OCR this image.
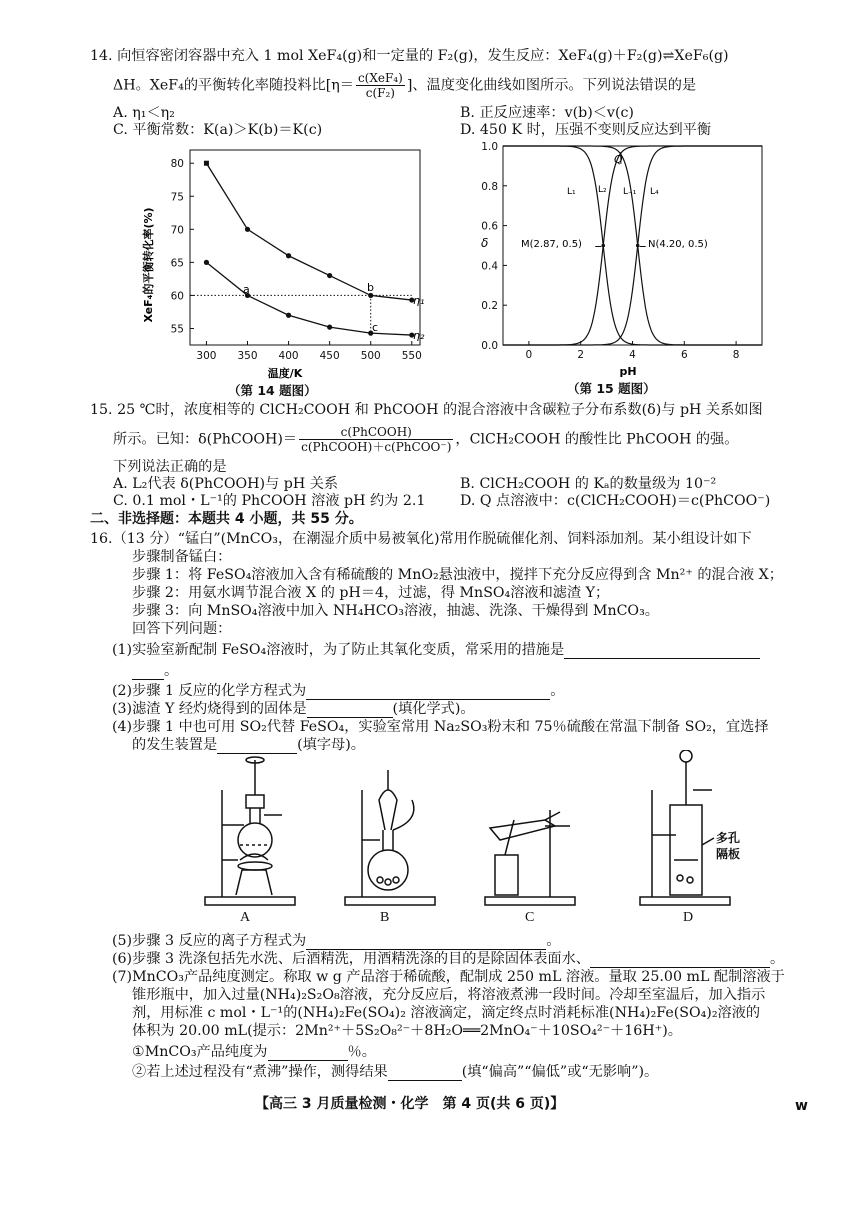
14. 向恒容密闭容器中充入 1 mol XeF₄(g)和一定量的 F₂(g)，发生反应：XeF₄(g)＋F₂(g)⇌XeF₆(g)
ΔH。XeF₄的平衡转化率随投料比[$\eta= \frac{\text{c(XeF₄)}}{\text{c(F₂)}}$ ]、温度变化曲线如图所示。下列说法错误的是
A. η₁＜η₂	B. 正反应速率：v(b)＜v(c)
C. 平衡常数：K(a)＞K(b)＝K(c)	D. 450 K 时，压强不变则反应达到平衡
300 350 400 450 500 550
55
60
65
70
75
80
温度/K
XeF₄的平衡转化率(%)	a	b
c
η₁
η₂
（第 14 题图）
0	2	4	6	8
0.0
0.2
0.4
0.6
0.8
1.0
pH
δ
Q
M(2.87, 0.5)	N(4.20, 0.5)
L₁ L₂ L₋₁ L₄
（第 15 题图）
15. 25 ℃时，浓度相等的 ClCH₂COOH 和 PhCOOH 的混合溶液中含碳粒子分布系数(δ)与 pH 关系如图
所示。已知：δ(PhCOOH)＝ $\frac{\text{c(PhCOOH)}}{\text{c(PhCOOH)＋c(PhCOO⁻)}}$ ，ClCH₂COOH 的酸性比 PhCOOH 的强。
下列说法正确的是
A. L₂代表 δ(PhCOOH)与 pH 关系	B. ClCH₂COOH 的 Kₐ的数量级为 10⁻²
C. 0.1 mol・L⁻¹的 PhCOOH 溶液 pH 约为 2.1 D. Q 点溶液中：c(ClCH₂COOH)＝c(PhCOO⁻)
二、非选择题：本题共 4 小题，共 55 分。
16.（13 分）“锰白”(MnCO₃，在潮湿介质中易被氧化)常用作脱硫催化剂、饲料添加剂。某小组设计如下
步骤制备锰白：
步骤 1：将 FeSO₄溶液加入含有稀硫酸的 MnO₂悬浊液中，搅拌下充分反应得到含 Mn²⁺ 的混合液 X；
步骤 2：用氨水调节混合液 X 的 pH＝4，过滤，得 MnSO₄溶液和滤渣 Y；
步骤 3：向 MnSO₄溶液中加入 NH₄HCO₃溶液，抽滤、洗涤、干燥得到 MnCO₃。
回答下列问题：
(1)实验室新配制 FeSO₄溶液时，为了防止其氧化变质，常采用的措施是
。
(2)步骤 1 反应的化学方程式为	。
(3)滤渣 Y 经灼烧得到的固体是	(填化学式)。
(4)步骤 1 中也可用 SO₂代替 FeSO₄，实验室常用 Na₂SO₃粉末和 75％硫酸在常温下制备 SO₂，宜选择
的发生装置是	(填字母)。
A	B	C	D
多孔
隔板
(5)步骤 3 反应的离子方程式为	。
(6)步骤 3 洗涤包括先水洗、后酒精洗，用酒精洗涤的目的是除固体表面水、	。
(7)MnCO₃产品纯度测定。称取 w g 产品溶于稀硫酸，配制成 250 mL 溶液。量取 25.00 mL 配制溶液于
锥形瓶中，加入过量(NH₄)₂S₂O₈溶液，充分反应后，将溶液煮沸一段时间。冷却至室温后，加入指示
剂，用标准 c mol・L⁻¹的(NH₄)₂Fe(SO₄)₂ 溶液滴定，滴定终点时消耗标准(NH₄)₂Fe(SO₄)₂溶液的
体积为 20.00 mL(提示：2Mn²⁺＋5S₂O₈²⁻＋8H₂O══2MnO₄⁻＋10SO₄²⁻＋16H⁺)。
①MnCO₃产品纯度为	％。
②若上述过程没有“煮沸”操作，测得结果	(填“偏高”“偏低”或“无影响”)。
【高三 3 月质量检测・化学　第 4 页(共 6 页)】	w
